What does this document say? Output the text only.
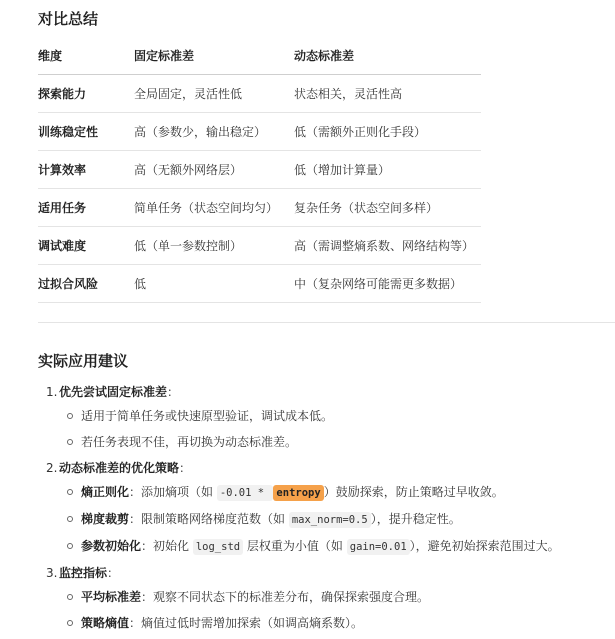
对比总结
维度	固定标准差	动态标准差
探索能力	全局固定，灵活性低	状态相关，灵活性高
训练稳定性	高（参数少，输出稳定）	低（需额外正则化手段）
计算效率	高（无额外网络层）	低（增加计算量）
适用任务	简单任务（状态空间均匀）	复杂任务（状态空间多样）
调试难度	低（单一参数控制）	高（需调整熵系数、网络结构等）
过拟合风险	低	中（复杂网络可能需更多数据）
实际应用建议
1. 优先尝试固定标准差：
适用于简单任务或快速原型验证，调试成本低。
若任务表现不佳，再切换为动态标准差。
2. 动态标准差的优化策略：
熵正则化：添加熵项（如 -0.01 * entropy ）鼓励探索，防止策略过早收敛。
梯度裁剪：限制策略网络梯度范数（如 max_norm=0.5 ），提升稳定性。
参数初始化：初始化 log_std 层权重为小值（如 gain=0.01 ），避免初始探索范围过大。
3. 监控指标：
平均标准差：观察不同状态下的标准差分布，确保探索强度合理。
策略熵值：熵值过低时需增加探索（如调高熵系数）。
